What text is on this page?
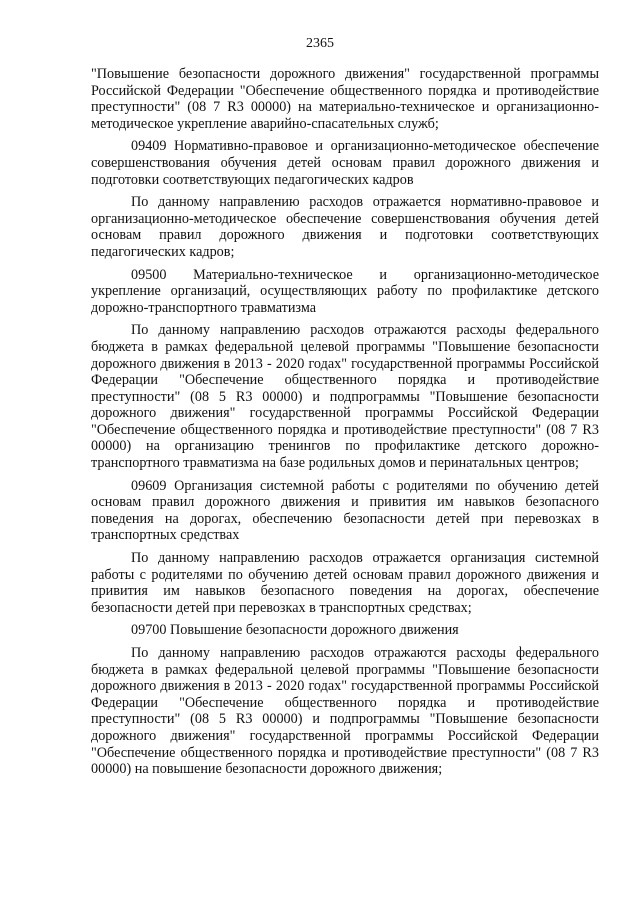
2365

"Повышение безопасности дорожного движения" государственной программы Российской Федерации "Обеспечение общественного порядка и противодействие преступности" (08 7 R3 00000) на материально-техническое и организационно-методическое укрепление аварийно-спасательных служб;

09409 Нормативно-правовое и организационно-методическое обеспечение совершенствования обучения детей основам правил дорожного движения и подготовки соответствующих педагогических кадров

По данному направлению расходов отражается нормативно-правовое и организационно-методическое обеспечение совершенствования обучения детей основам правил дорожного движения и подготовки соответствующих педагогических кадров;

09500 Материально-техническое и организационно-методическое укрепление организаций, осуществляющих работу по профилактике детского дорожно-транспортного травматизма

По данному направлению расходов отражаются расходы федерального бюджета в рамках федеральной целевой программы "Повышение безопасности дорожного движения в 2013 - 2020 годах" государственной программы Российской Федерации "Обеспечение общественного порядка и противодействие преступности" (08 5 R3 00000) и подпрограммы "Повышение безопасности дорожного движения" государственной программы Российской Федерации "Обеспечение общественного порядка и противодействие преступности" (08 7 R3 00000) на организацию тренингов по профилактике детского дорожно-транспортного травматизма на базе родильных домов и перинатальных центров;

09609 Организация системной работы с родителями по обучению детей основам правил дорожного движения и привития им навыков безопасного поведения на дорогах, обеспечению безопасности детей при перевозках в транспортных средствах

По данному направлению расходов отражается организация системной работы с родителями по обучению детей основам правил дорожного движения и привития им навыков безопасного поведения на дорогах, обеспечение безопасности детей при перевозках в транспортных средствах;

09700 Повышение безопасности дорожного движения

По данному направлению расходов отражаются расходы федерального бюджета в рамках федеральной целевой программы "Повышение безопасности дорожного движения в 2013 - 2020 годах" государственной программы Российской Федерации "Обеспечение общественного порядка и противодействие преступности" (08 5 R3 00000) и подпрограммы "Повышение безопасности дорожного движения" государственной программы Российской Федерации "Обеспечение общественного порядка и противодействие преступности" (08 7 R3 00000) на повышение безопасности дорожного движения;
